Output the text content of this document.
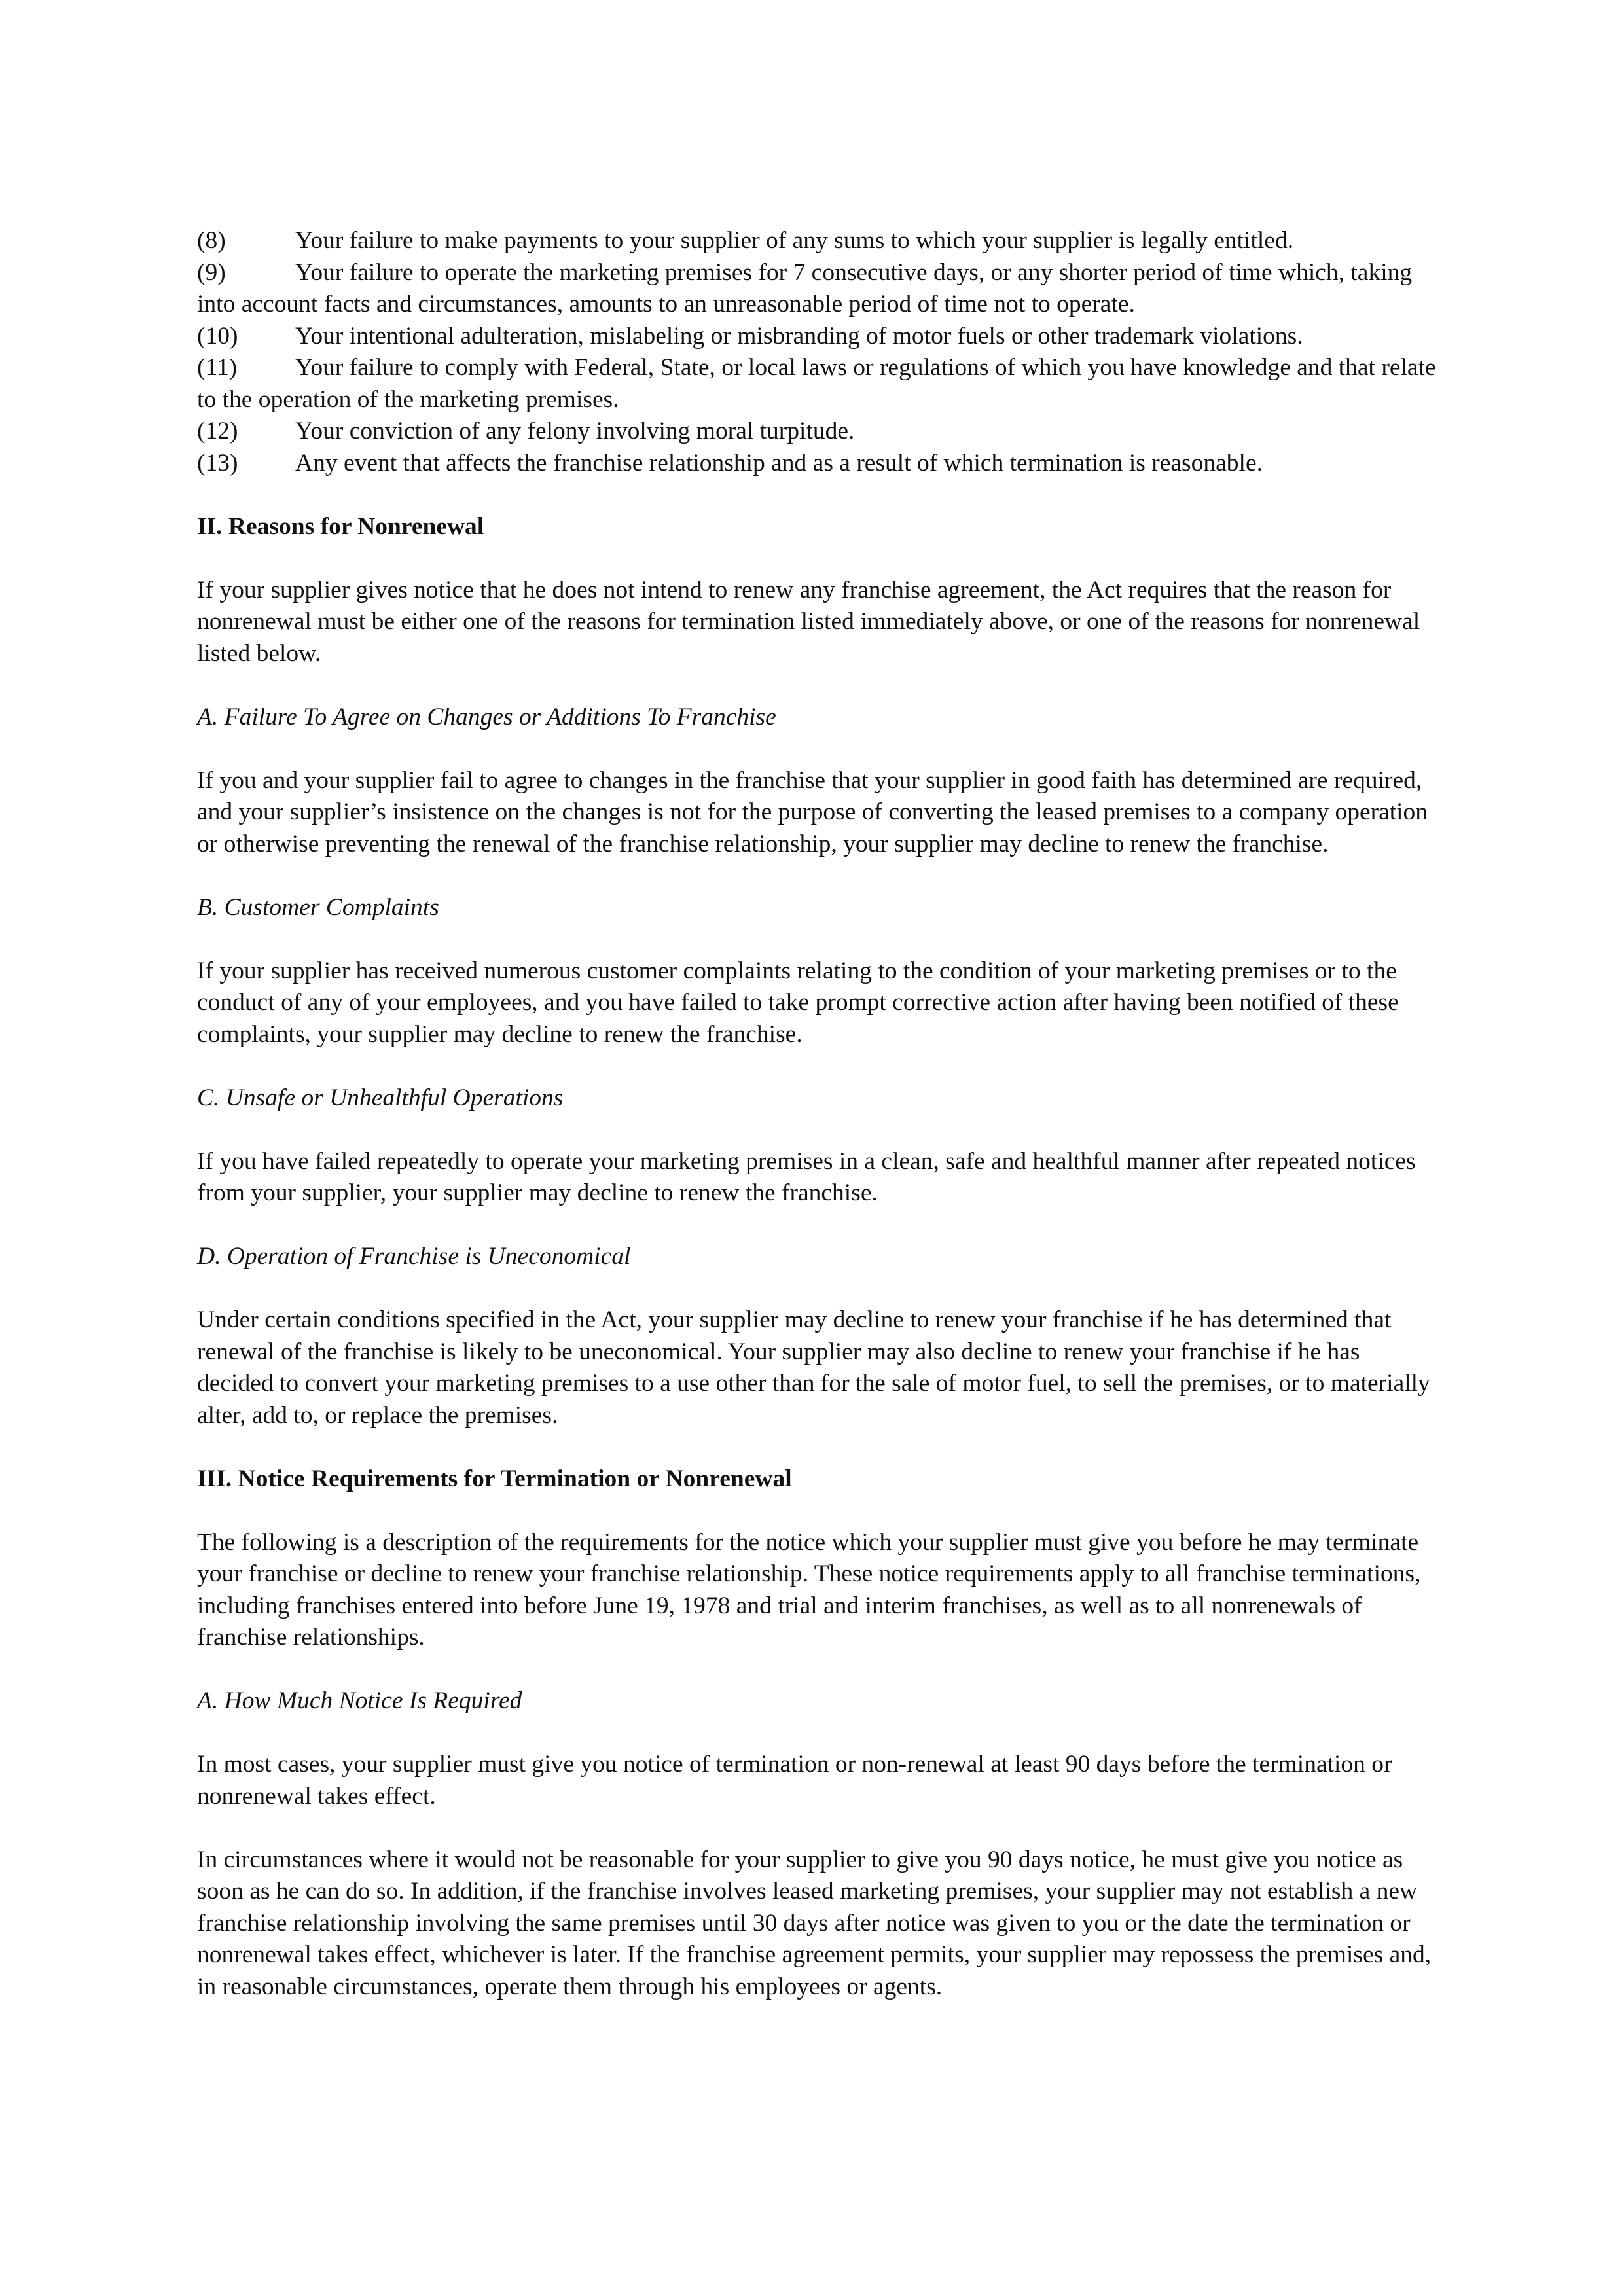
(8)	Your failure to make payments to your supplier of any sums to which your supplier is legally entitled.
(9)	Your failure to operate the marketing premises for 7 consecutive days, or any shorter period of time which, taking into account facts and circumstances, amounts to an unreasonable period of time not to operate.
(10) Your intentional adulteration, mislabeling or misbranding of motor fuels or other trademark violations.
(11) Your failure to comply with Federal, State, or local laws or regulations of which you have knowledge and that relate to the operation of the marketing premises.
(12) Your conviction of any felony involving moral turpitude.
(13) Any event that affects the franchise relationship and as a result of which termination is reasonable.
II. Reasons for Nonrenewal

If your supplier gives notice that he does not intend to renew any franchise agreement, the Act requires that the reason for nonrenewal must be either one of the reasons for termination listed immediately above, or one of the reasons for nonrenewal listed below.

A. Failure To Agree on Changes or Additions To Franchise

If you and your supplier fail to agree to changes in the franchise that your supplier in good faith has determined are required, and your supplier’s insistence on the changes is not for the purpose of converting the leased premises to a company operation or otherwise preventing the renewal of the franchise relationship, your supplier may decline to renew the franchise.

B. Customer Complaints

If your supplier has received numerous customer complaints relating to the condition of your marketing premises or to the conduct of any of your employees, and you have failed to take prompt corrective action after having been notified of these complaints, your supplier may decline to renew the franchise.

C. Unsafe or Unhealthful Operations

If you have failed repeatedly to operate your marketing premises in a clean, safe and healthful manner after repeated notices from your supplier, your supplier may decline to renew the franchise.

D. Operation of Franchise is Uneconomical

Under certain conditions specified in the Act, your supplier may decline to renew your franchise if he has determined that renewal of the franchise is likely to be uneconomical. Your supplier may also decline to renew your franchise if he has decided to convert your marketing premises to a use other than for the sale of motor fuel, to sell the premises, or to materially alter, add to, or replace the premises.

III. Notice Requirements for Termination or Nonrenewal

The following is a description of the requirements for the notice which your supplier must give you before he may terminate your franchise or decline to renew your franchise relationship. These notice requirements apply to all franchise terminations, including franchises entered into before June 19, 1978 and trial and interim franchises, as well as to all nonrenewals of franchise relationships.

A. How Much Notice Is Required

In most cases, your supplier must give you notice of termination or non-renewal at least 90 days before the termination or nonrenewal takes effect.

In circumstances where it would not be reasonable for your supplier to give you 90 days notice, he must give you notice as soon as he can do so. In addition, if the franchise involves leased marketing premises, your supplier may not establish a new franchise relationship involving the same premises until 30 days after notice was given to you or the date the termination or nonrenewal takes effect, whichever is later. If the franchise agreement permits, your supplier may repossess the premises and, in reasonable circumstances, operate them through his employees or agents.
